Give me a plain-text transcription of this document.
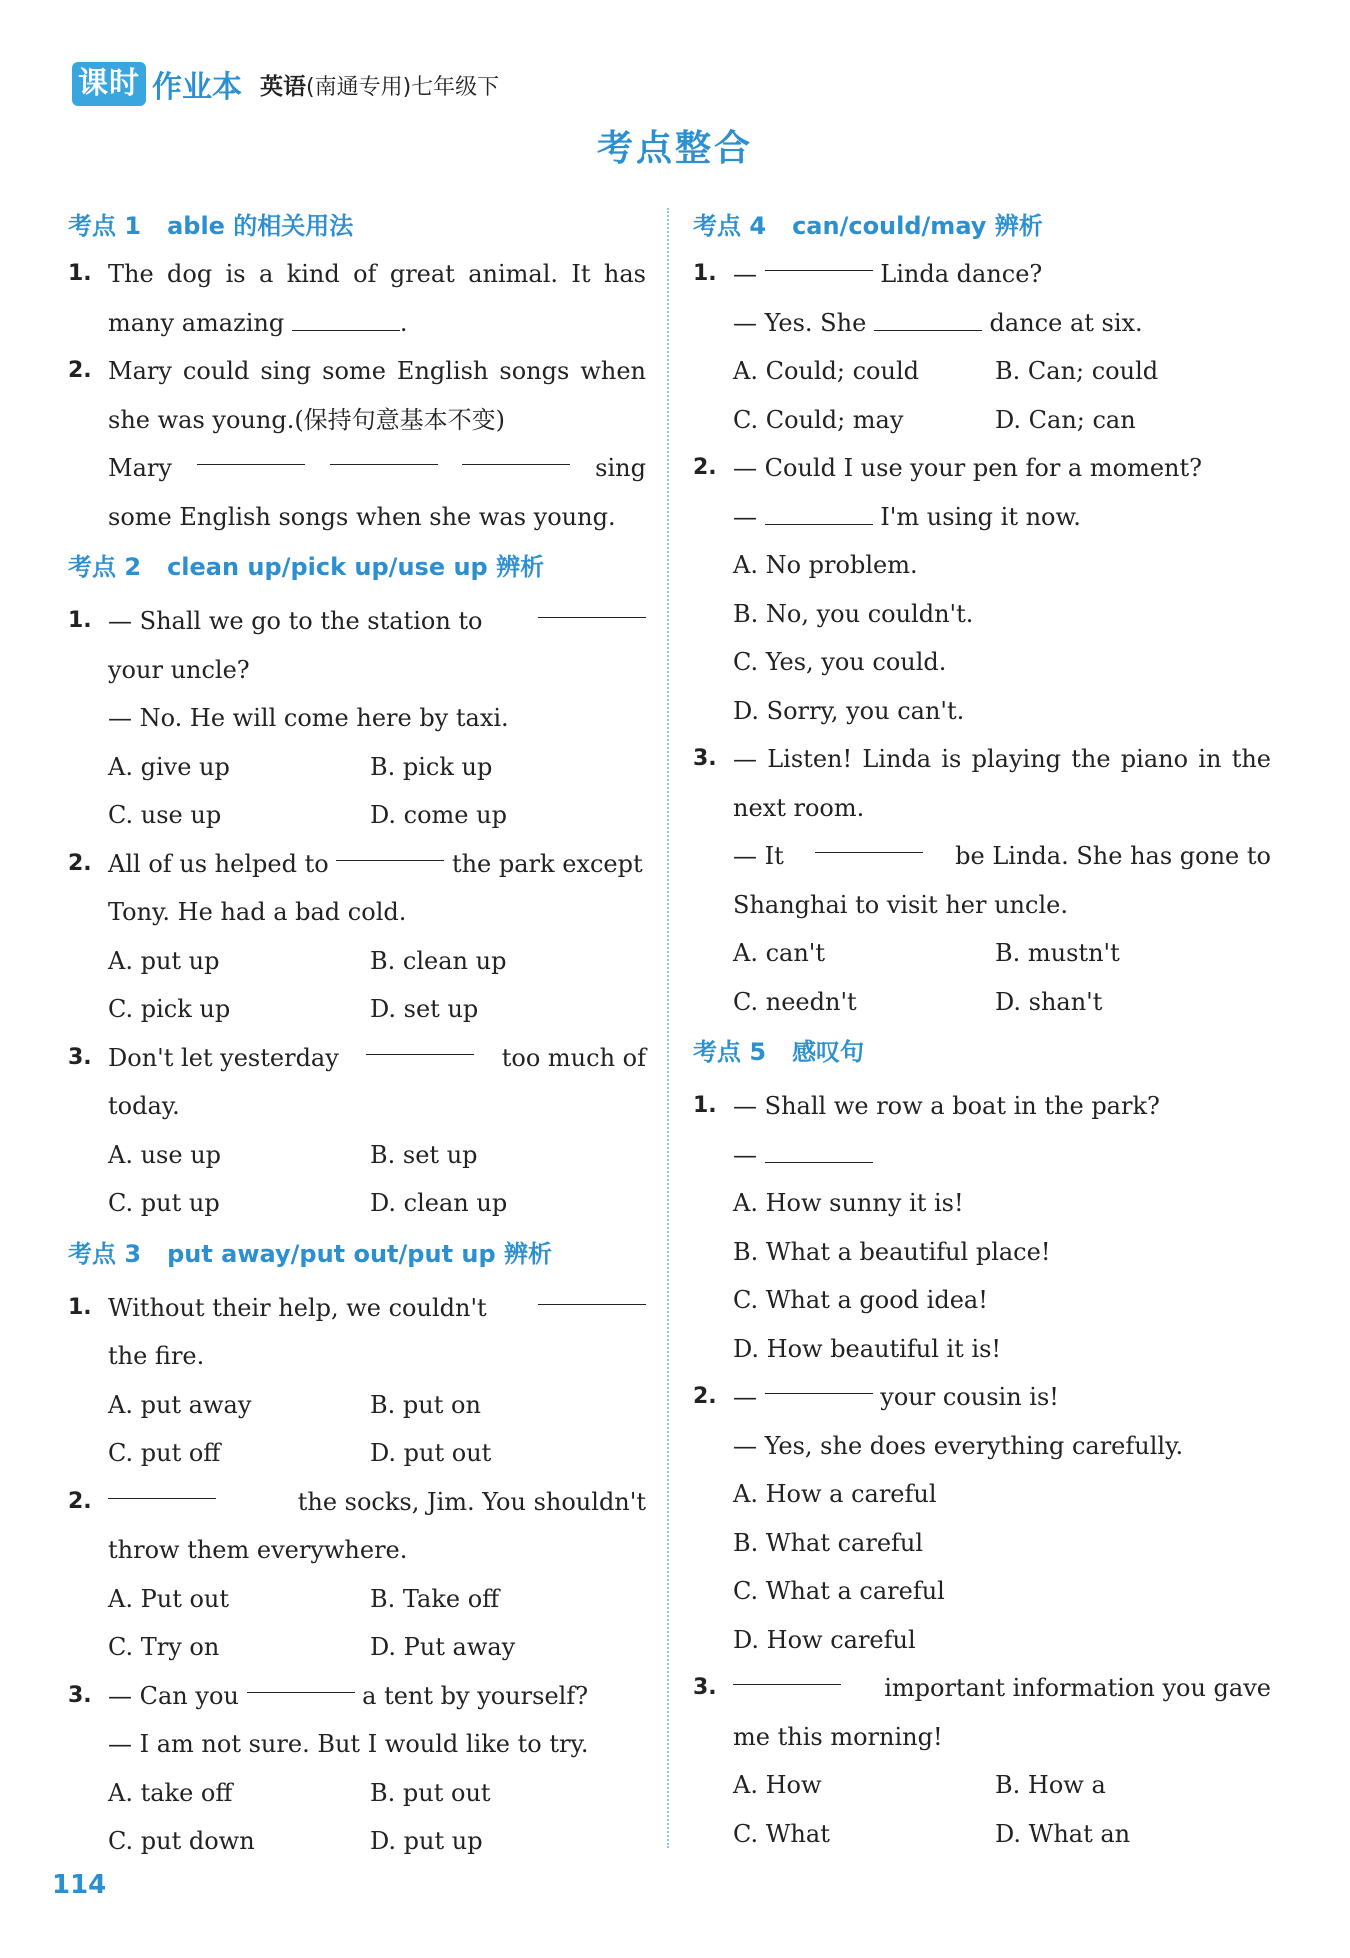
课时 作业本 英语(南通专用)七年级下
考点整合
考点 1 able 的相关用法
1. The dog is a kind of great animal. It has
many amazing	.
2. Mary could sing some English songs when
she was young.(保持句意基本不变)
Mary	sing
some English songs when she was young.
考点 2 clean up/pick up/use up 辨析
1. — Shall we go to the station to
your uncle?
— No. He will come here by taxi.
A. give up	B. pick up
C. use up	D. come up
2. All of us helped to

	the park except
Tony. He had a bad cold.
A. put up	B. clean up
C. pick up	D. set up
3. Don't let yesterday	too much of
today.
A. use up	B. set up
C. put up	D. clean up
考点 3 put away/put out/put up 辨析
1. Without their help, we couldn't
the fire.
A. put away	B. put on
C. put off	D. put out
2.	the socks, Jim. You shouldn't
throw them everywhere.
A. Put out	B. Take off
C. Try on	D. Put away
3. — Can you

	a tent by yourself?
— I am not sure. But I would like to try.
A. take off	B. put out
C. put down	D. put up
考点 4 can/could/may 辨析
1. —

	Linda dance?
— Yes. She	dance at six.
A. Could; could	B. Can; could
C. Could; may	D. Can; can
2. — Could I use your pen for a moment?
—	I'm using it now.
A. No problem.
B. No, you couldn't.
C. Yes, you could.
D. Sorry, you can't.
3. — Listen! Linda is playing the piano in the
next room.
— It	be Linda. She has gone to
Shanghai to visit her uncle.
A. can't	B. mustn't
C. needn't	D. shan't
考点 5 感叹句
1. — Shall we row a boat in the park?
—
A. How sunny it is!
B. What a beautiful place!
C. What a good idea!
D. How beautiful it is!
2. —

	your cousin is!
— Yes, she does everything carefully.
A. How a careful
B. What careful
C. What a careful
D. How careful
3.	important information you gave
me this morning!
A. How	B. How a
C. What	D. What an
114
